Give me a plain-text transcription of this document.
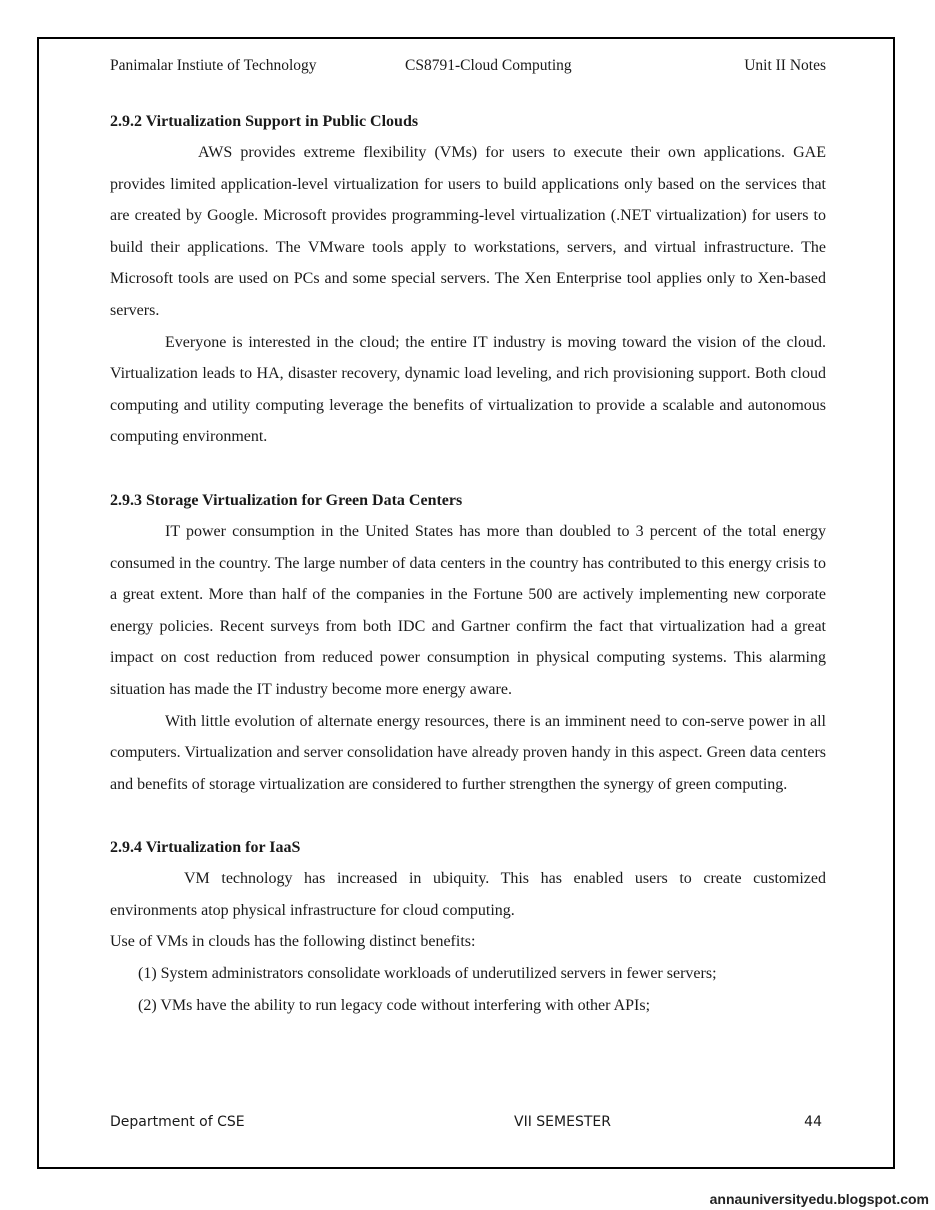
Panimalar Instiute of Technology	CS8791-Cloud Computing	Unit II Notes
2.9.2 Virtualization Support in Public Clouds

AWS provides extreme flexibility (VMs) for users to execute their own applications. GAE provides limited application-level virtualization for users to build applications only based on the services that are created by Google. Microsoft provides programming-level virtualization (.NET virtualization) for users to build their applications. The VMware tools apply to workstations, servers, and virtual infrastructure. The Microsoft tools are used on PCs and some special servers. The Xen Enterprise tool applies only to Xen-based servers.

Everyone is interested in the cloud; the entire IT industry is moving toward the vision of the cloud. Virtualization leads to HA, disaster recovery, dynamic load leveling, and rich provisioning support. Both cloud computing and utility computing leverage the benefits of virtualization to provide a scalable and autonomous computing environment.

2.9.3 Storage Virtualization for Green Data Centers

IT power consumption in the United States has more than doubled to 3 percent of the total energy consumed in the country. The large number of data centers in the country has contributed to this energy crisis to a great extent. More than half of the companies in the Fortune 500 are actively implementing new corporate energy policies. Recent surveys from both IDC and Gartner confirm the fact that virtualization had a great impact on cost reduction from reduced power consumption in physical computing systems. This alarming situation has made the IT industry become more energy aware.

With little evolution of alternate energy resources, there is an imminent need to con-serve power in all computers. Virtualization and server consolidation have already proven handy in this aspect. Green data centers and benefits of storage virtualization are considered to further strengthen the synergy of green computing.

2.9.4 Virtualization for IaaS

VM technology has increased in ubiquity. This has enabled users to create customized environments atop physical infrastructure for cloud computing.

Use of VMs in clouds has the following distinct benefits:

(1) System administrators consolidate workloads of underutilized servers in fewer servers;

(2) VMs have the ability to run legacy code without interfering with other APIs;

Department of CSE	VII SEMESTER	44
annauniversityedu.blogspot.com
